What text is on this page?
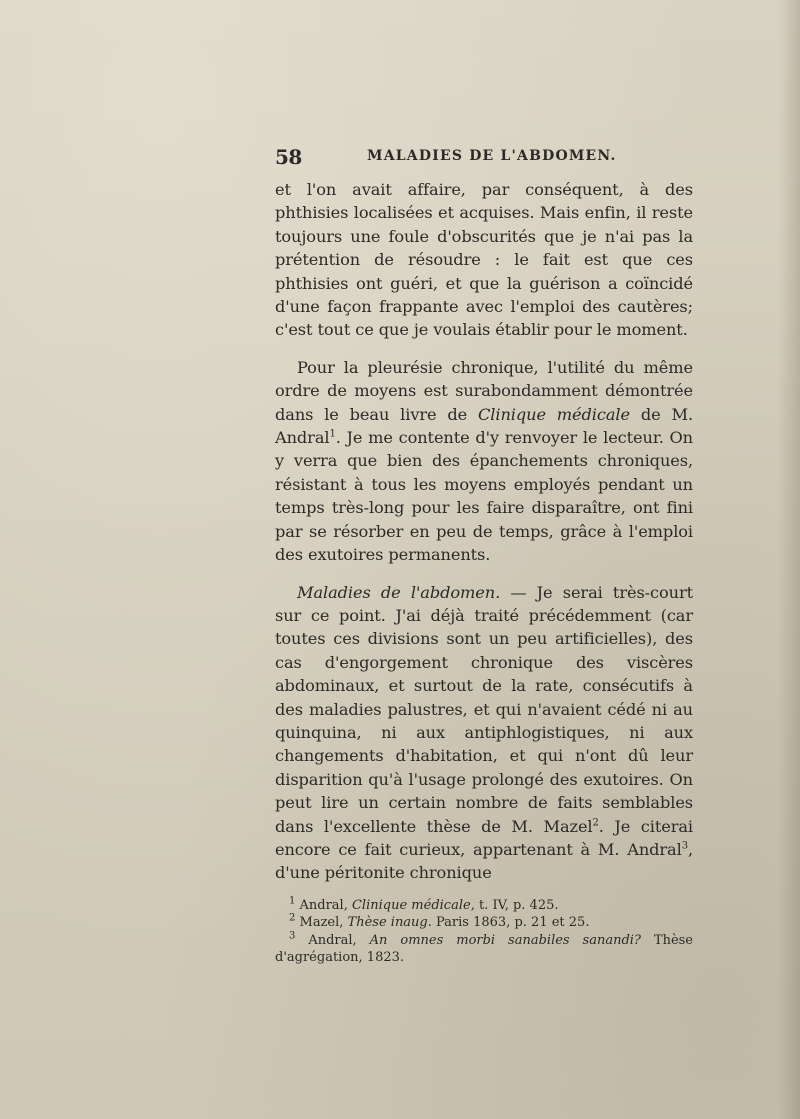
58	MALADIES DE L'ABDOMEN.

et l'on avait affaire, par conséquent, à des phthisies localisées et acquises. Mais enfin, il reste toujours une foule d'obscurités que je n'ai pas la prétention de résoudre : le fait est que ces phthisies ont guéri, et que la guérison a coïncidé d'une façon frappante avec l'emploi des cautères; c'est tout ce que je voulais établir pour le moment.

Pour la pleurésie chronique, l'utilité du même ordre de moyens est surabondamment démontrée dans le beau livre de Clinique médicale de M. Andral$^1$. Je me contente d'y renvoyer le lecteur. On y verra que bien des épanchements chroniques, résistant à tous les moyens employés pendant un temps très-long pour les faire disparaître, ont fini par se résorber en peu de temps, grâce à l'emploi des exutoires permanents.

Maladies de l'abdomen. — Je serai très-court sur ce point. J'ai déjà traité précédemment (car toutes ces divisions sont un peu artificielles), des cas d'engorgement chronique des viscères abdominaux, et surtout de la rate, consécutifs à des maladies palustres, et qui n'avaient cédé ni au quinquina, ni aux antiphlogistiques, ni aux changements d'habitation, et qui n'ont dû leur disparition qu'à l'usage prolongé des exutoires. On peut lire un certain nombre de faits semblables dans l'excellente thèse de M. Mazel$^2$. Je citerai encore ce fait curieux, appartenant à M. Andral$^3$, d'une péritonite chronique

$^1$ Andral, Clinique médicale, t. IV, p. 425.

$^2$ Mazel, Thèse inaug. Paris 1863, p. 21 et 25.

$^3$ Andral, An omnes morbi sanabiles sanandi? Thèse d'agrégation, 1823.
